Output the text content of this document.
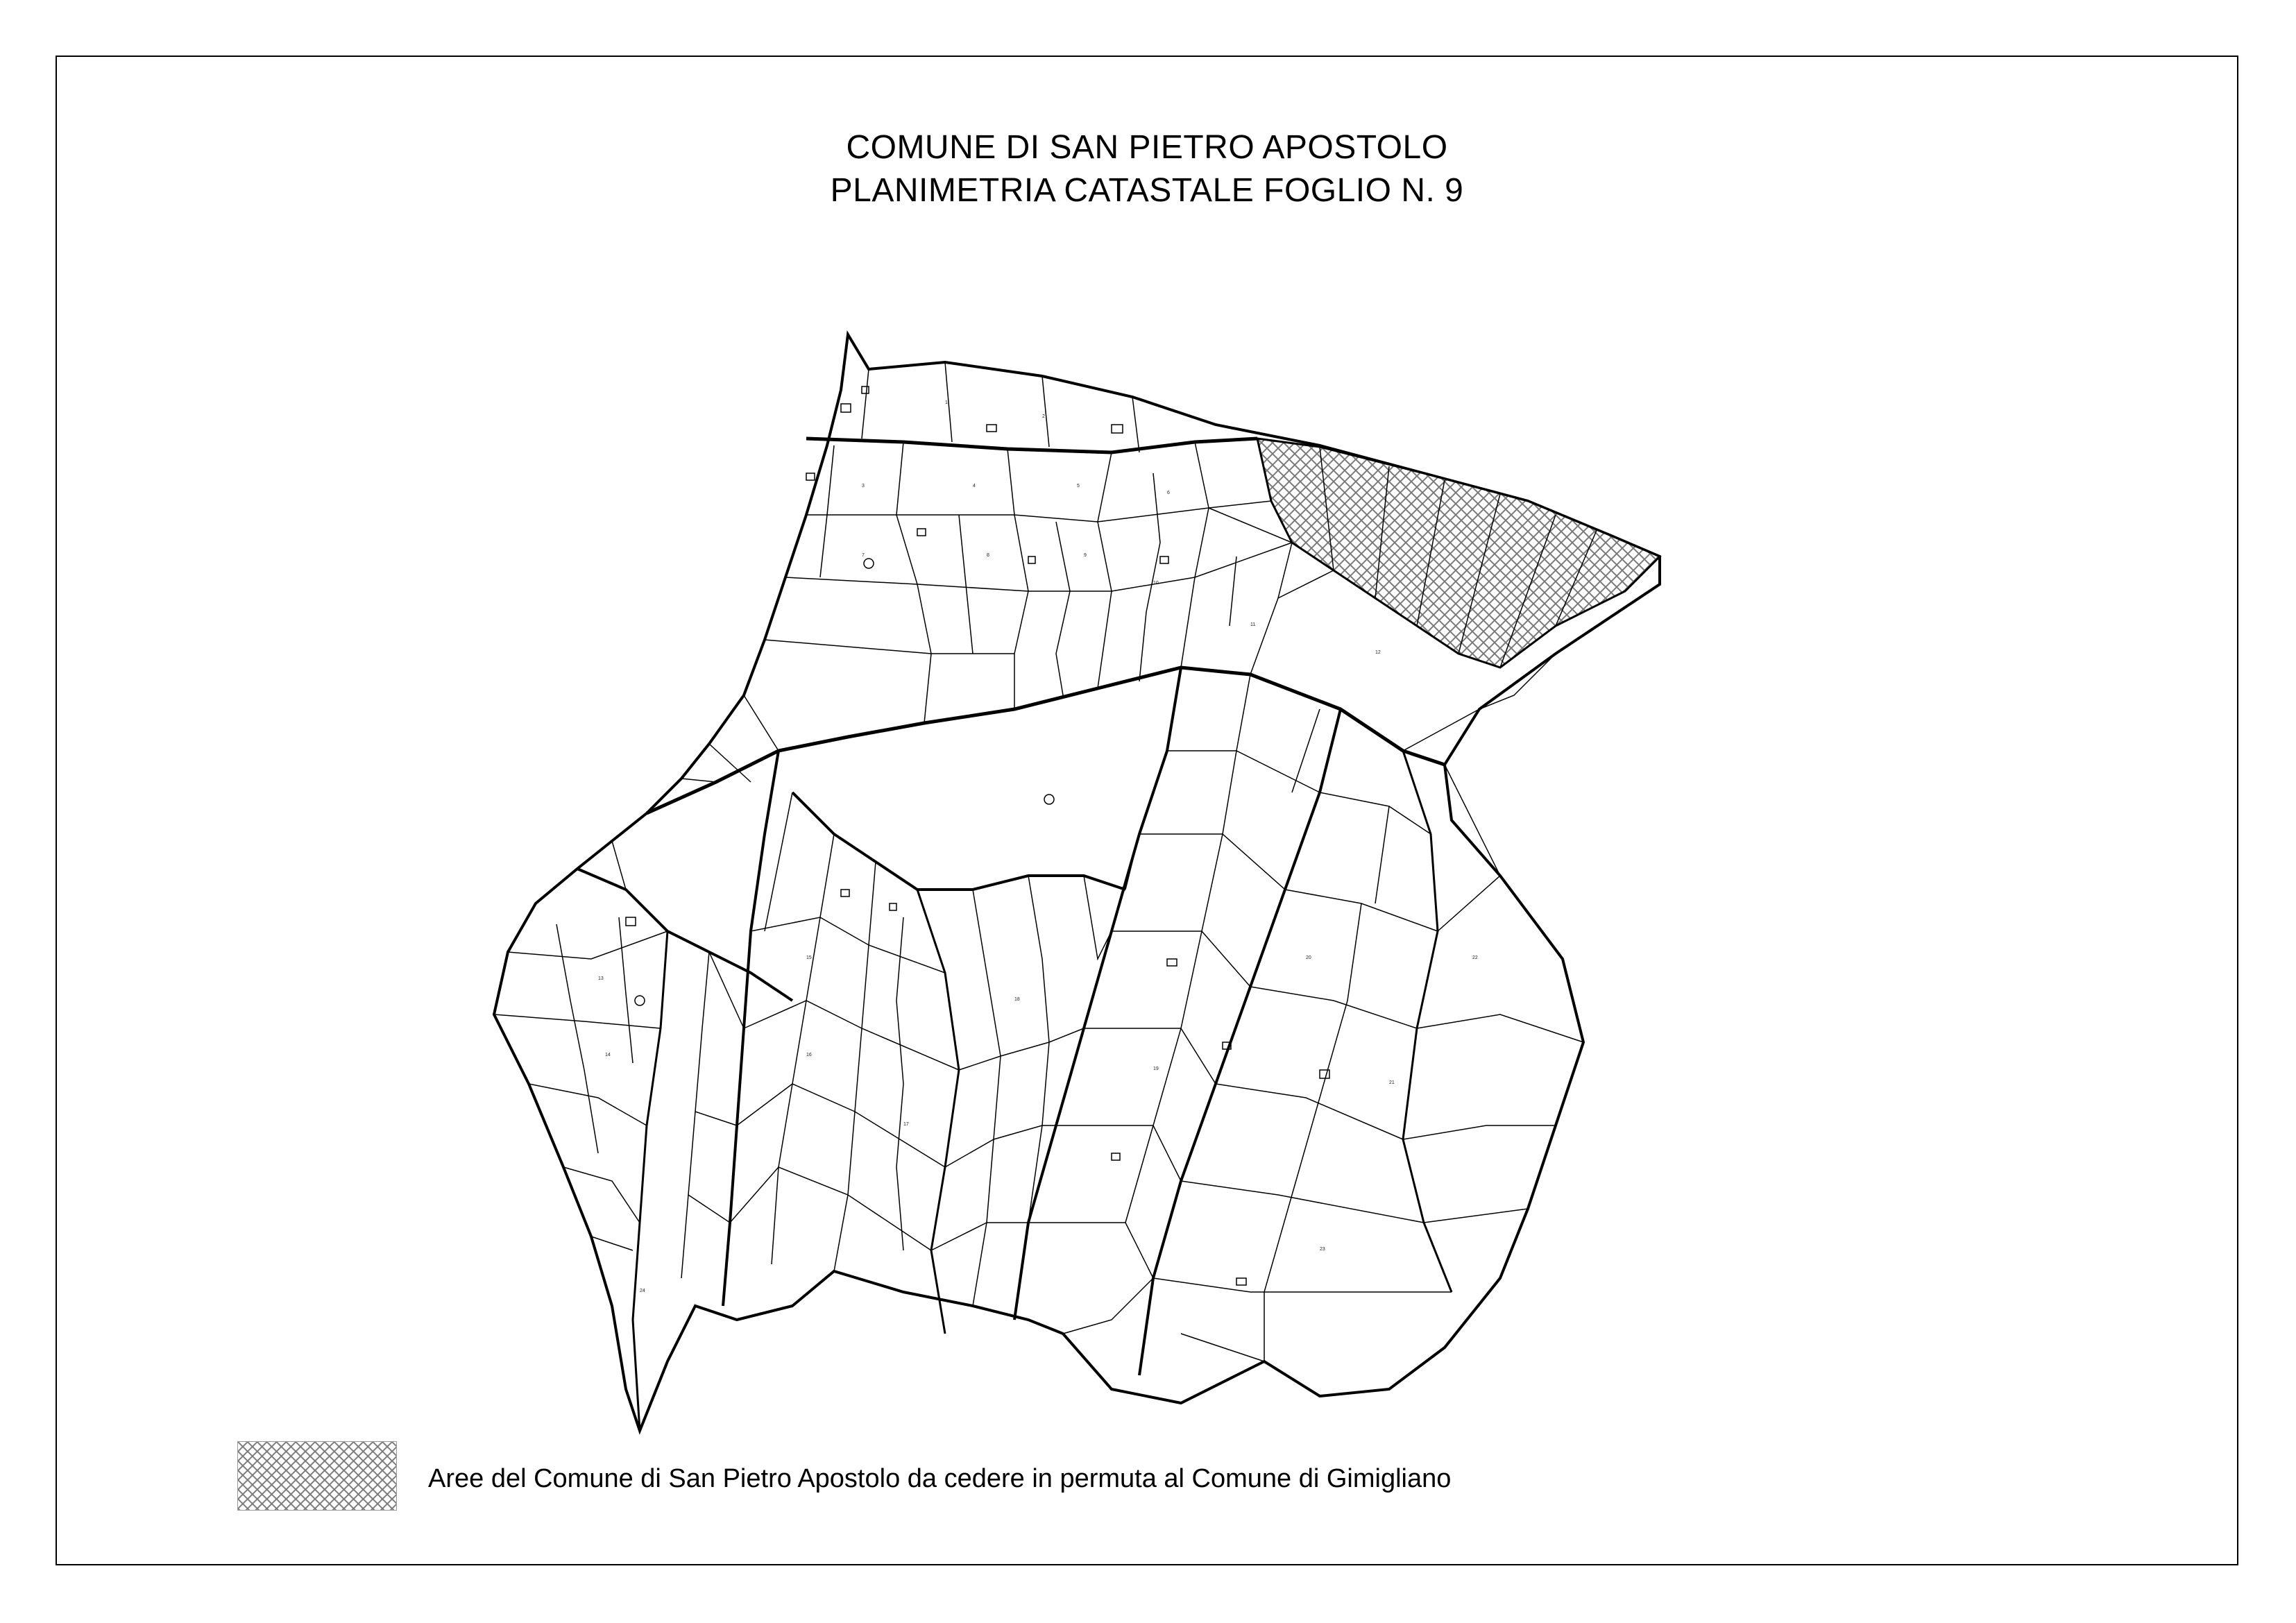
COMUNE DI SAN PIETRO APOSTOLO
PLANIMETRIA CATASTALE FOGLIO N. 9
1
2
3	4	5
6
7	8	9
10
11
12
13
14
15
16
17
18
19
20
21
22
23
24
Aree del Comune di San Pietro Apostolo da cedere in permuta al Comune di Gimigliano
